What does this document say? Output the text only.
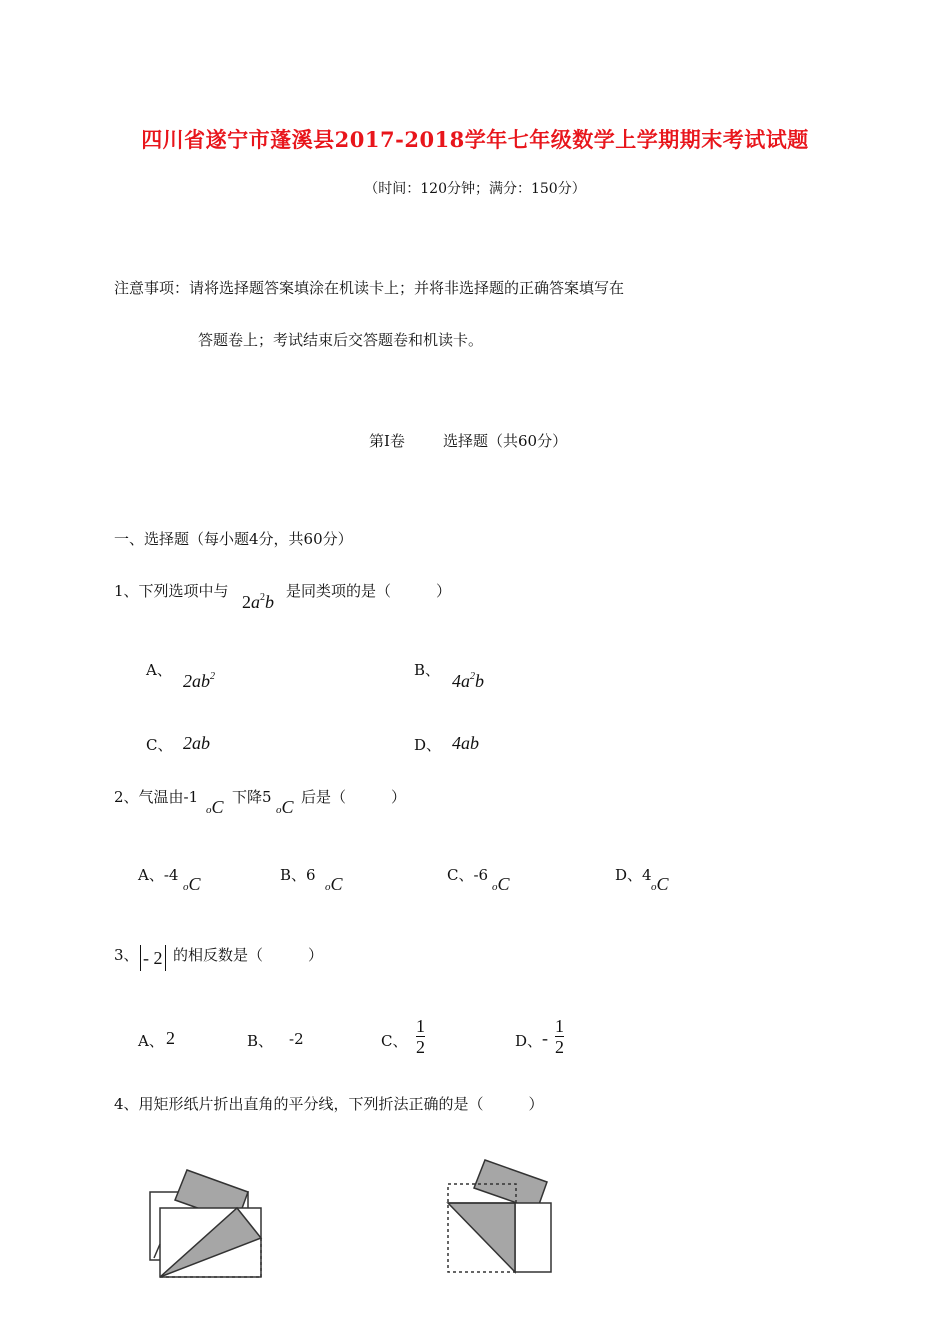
四川省遂宁市蓬溪县2017-2018学年七年级数学上学期期末考试试题
（时间：120分钟；满分：150分）
注意事项：请将选择题答案填涂在机读卡上；并将非选择题的正确答案填写在
答题卷上；考试结束后交答题卷和机读卡。
第Ⅰ卷	选择题（共60分）
一、选择题（每小题4分，共60分）
1、下列选项中与
$2a^2b$
是同类项的是（　　　）
A、
$2ab^2$	B、
$4a^2b$
C、 2ab	D、 4ab
2、气温由-1
oC 下降5
oC 后是（　　　）
A、-4
oC	B、6
oC	C、-6
oC	D、4
oC
3、 - 2 的相反数是（　　　）
A、 2	B、 -2	C、
1
2	D、 -
1
2
4、用矩形纸片折出直角的平分线，下列折法正确的是（　　　）
